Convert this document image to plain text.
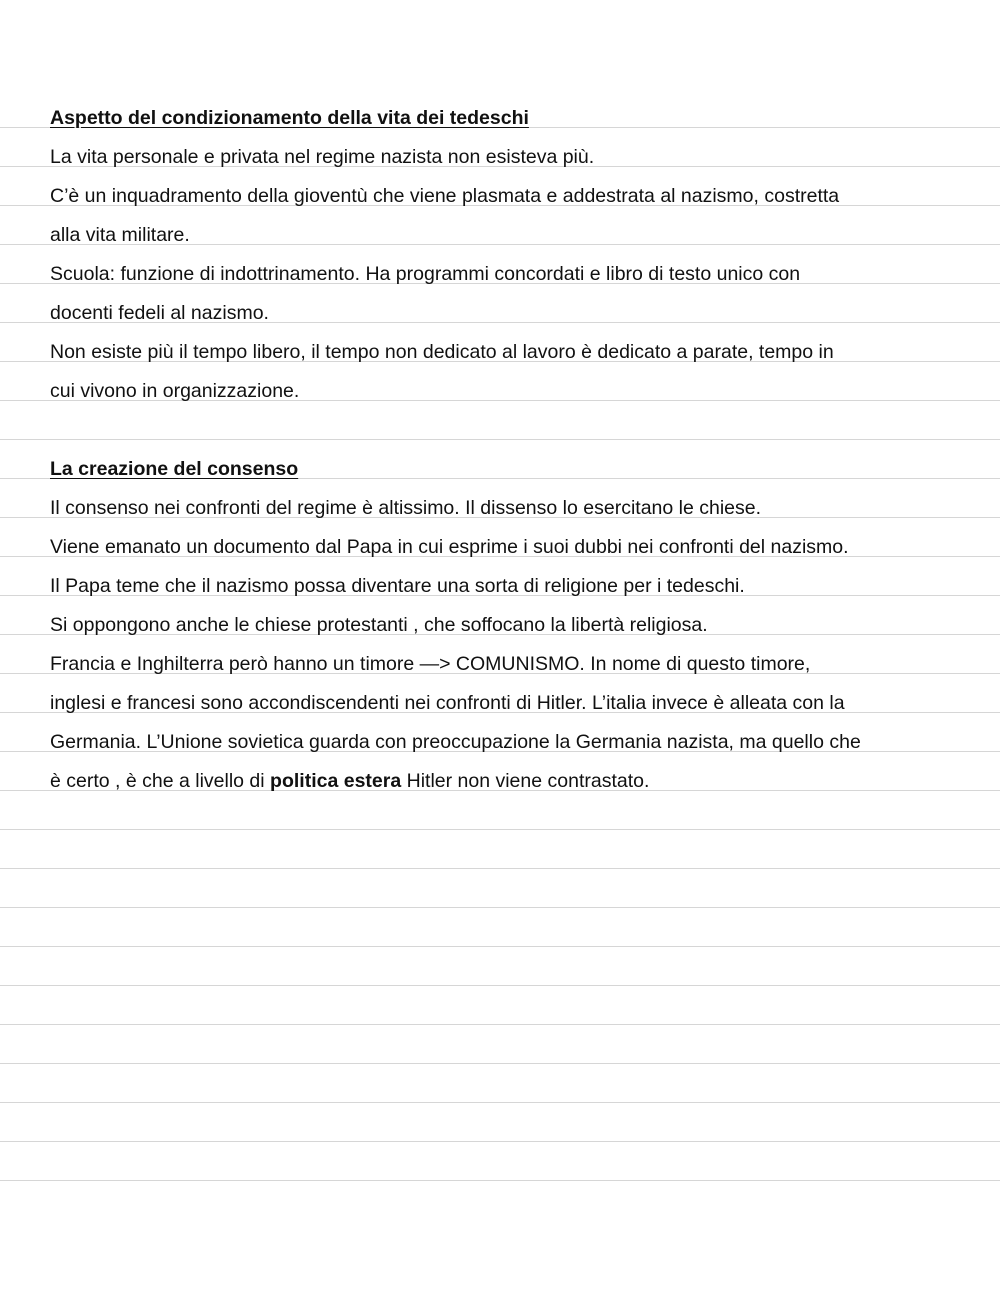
Aspetto del condizionamento della vita dei tedeschi
La vita personale e privata nel regime nazista non esisteva più.
C’è un inquadramento della gioventù che viene plasmata e addestrata al nazismo, costretta
alla vita militare.
Scuola: funzione di indottrinamento. Ha programmi concordati e libro di testo unico con
docenti fedeli al nazismo.
Non esiste più il tempo libero, il tempo non dedicato al lavoro è dedicato a parate, tempo in
cui vivono in organizzazione.
La creazione del consenso
Il consenso nei confronti del regime è altissimo. Il dissenso lo esercitano le chiese.
Viene emanato un documento dal Papa in cui esprime i suoi dubbi nei confronti del nazismo.
Il Papa teme che il nazismo possa diventare una sorta di religione per i tedeschi.
Si oppongono anche le chiese protestanti , che soffocano la libertà religiosa.
Francia e Inghilterra però hanno un timore —> COMUNISMO. In nome di questo timore,
inglesi e francesi sono accondiscendenti nei confronti di Hitler. L’italia invece è alleata con la
Germania. L’Unione sovietica guarda con preoccupazione la Germania nazista, ma quello che
è certo , è che a livello di politica estera Hitler non viene contrastato.
